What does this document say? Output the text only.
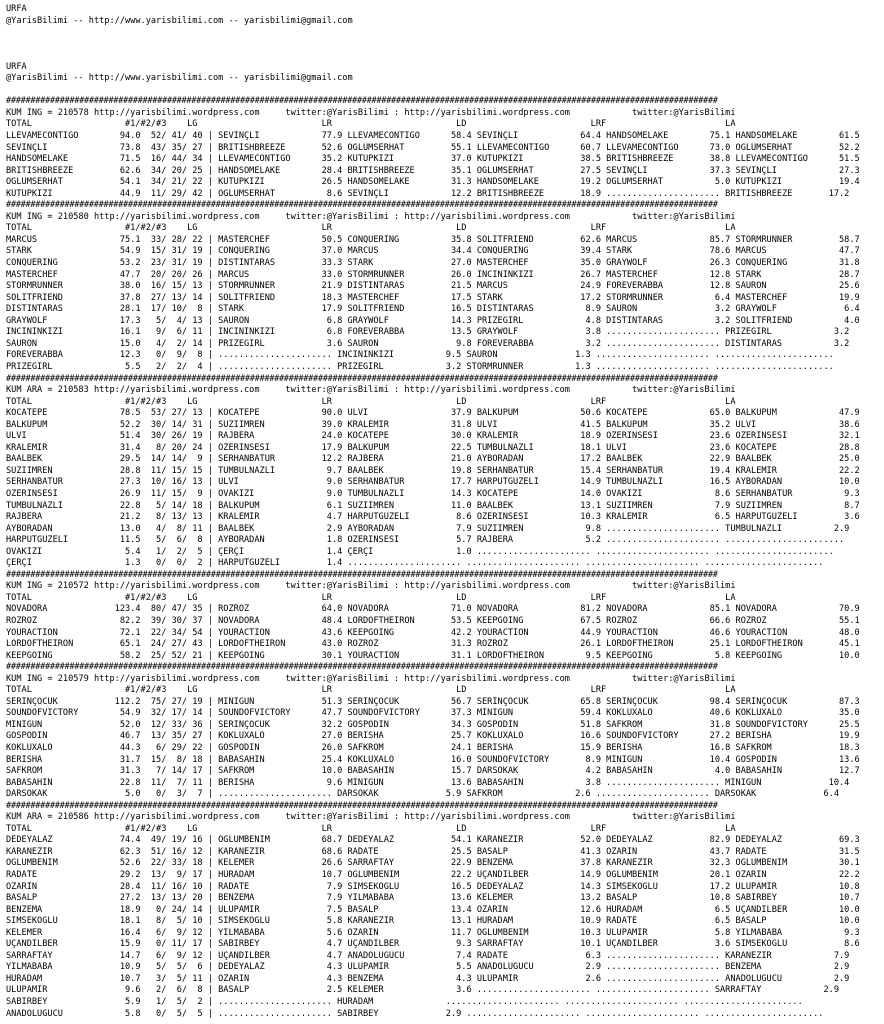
URFA
@YarisBilimi -- http://www.yarisbilimi.com -- yarisbilimi@gmail.com

URFA
@YarisBilimi -- http://www.yarisbilimi.com -- yarisbilimi@gmail.com

##################################################################################################################################################
KUM İNG = 210578 http://yarisbilimi.wordpress.com     twitter:@YarisBilimi : http://yarisbilimi.wordpress.com            twitter:@YarisBilimi
TOTAL                  #1/#2/#3    LG                        LR                        LD                        LRF                       LA
LLEVAMECONTIGO        94.0  52/ 41/ 40 | SEVİNÇLİ            77.9 LLEVAMECONTIGO      58.4 SEVİNÇLİ            64.4 HANDSOMELAKE        75.1 HANDSOMELAKE        61.5
SEVİNÇLİ              73.8  43/ 35/ 27 | BRITISHBREEZE       52.6 OGLUMSERHAT         55.1 LLEVAMECONTIGO      60.7 LLEVAMECONTIGO      73.0 OGLUMSERHAT         52.2
HANDSOMELAKE          71.5  16/ 44/ 34 | LLEVAMECONTIGO      35.2 KUTUPKIZI           37.0 KUTUPKIZI           38.5 BRITISHBREEZE       38.8 LLEVAMECONTIGO      51.5
BRITISHBREEZE         62.6  34/ 20/ 25 | HANDSOMELAKE        28.4 BRITISHBREEZE       35.1 OGLUMSERHAT         27.5 SEVİNÇLİ            37.3 SEVİNÇLİ            27.3
OGLUMSERHAT           54.1  34/ 21/ 22 | KUTUPKIZI           26.5 HANDSOMELAKE        31.3 HANDSOMELAKE        19.2 OGLUMSERHAT          5.0 KUTUPKIZI           19.4
KUTUPKIZI             44.9  11/ 29/ 42 | OGLUMSERHAT          8.6 SEVİNÇLİ            12.2 BRITISHBREEZE       18.9 ...................... BRITISHBREEZE       17.2
##################################################################################################################################################
KUM İNG = 210580 http://yarisbilimi.wordpress.com     twitter:@YarisBilimi : http://yarisbilimi.wordpress.com            twitter:@YarisBilimi
TOTAL                  #1/#2/#3    LG                        LR                        LD                        LRF                       LA
MARCUS                75.1  33/ 28/ 22 | MASTERCHEF          50.5 CONQUERING          35.8 SOLITFRIEND         62.6 MARCUS              85.7 STORMRUNNER         58.7
STARK                 54.9  15/ 31/ 19 | CONQUERING          37.0 MARCUS              34.4 CONQUERING          39.4 STARK               78.6 MARCUS              47.7
CONQUERING            53.2  23/ 31/ 19 | DISTINTARAS         33.3 STARK               27.0 MASTERCHEF          35.0 GRAYWOLF            26.3 CONQUERING          31.8
MASTERCHEF            47.7  20/ 20/ 26 | MARCUS              33.0 STORMRUNNER         26.0 INCININKIZI         26.7 MASTERCHEF          12.8 STARK               28.7
STORMRUNNER           38.0  16/ 15/ 13 | STORMRUNNER         21.9 DISTINTARAS         21.5 MARCUS              24.9 FOREVERABBA         12.8 SAURON              25.6
SOLITFRIEND           37.8  27/ 13/ 14 | SOLITFRIEND         18.3 MASTERCHEF          17.5 STARK               17.2 STORMRUNNER          6.4 MASTERCHEF          19.9
DISTINTARAS           28.1  17/ 10/  8 | STARK               17.9 SOLITFRIEND         16.5 DISTINTARAS          8.9 SAURON               3.2 GRAYWOLF             6.4
GRAYWOLF              17.3   5/  4/ 13 | SAURON               6.8 GRAYWOLF            14.3 PRIZEGIRL            4.8 DISTINTARAS          3.2 SOLITFRIEND          4.0
INCININKIZI           16.1   9/  6/ 11 | INCININKIZI          6.8 FOREVERABBA         13.5 GRAYWOLF             3.8 ...................... PRIZEGIRL            3.2
SAURON                15.0   4/  2/ 14 | PRIZEGIRL            3.6 SAURON               9.8 FOREVERABBA          3.2 ...................... DISTINTARAS          3.2
FOREVERABBA           12.3   0/  9/  8 | ...................... INCININKIZI          9.5 SAURON               1.3 ...................... .......................
PRIZEGIRL              5.5   2/  2/  4 | ...................... PRIZEGIRL            3.2 STORMRUNNER          1.3 ...................... .......................
##################################################################################################################################################
KUM ARA = 210583 http://yarisbilimi.wordpress.com     twitter:@YarisBilimi : http://yarisbilimi.wordpress.com            twitter:@YarisBilimi
TOTAL                  #1/#2/#3    LG                        LR                        LD                        LRF                       LA
KOCATEPE              78.5  53/ 27/ 13 | KOCATEPE            90.0 ULVI                37.9 BALKÜPÜM            50.6 KOCATEPE            65.0 BALKÜPÜM            47.9
BALKÜPÜM              52.2  30/ 14/ 31 | SUZIIMREN           39.0 KRALEMIR            31.8 ULVI                41.5 BALKÜPÜM            35.2 ULVI                38.6
ULVI                  51.4  30/ 26/ 19 | RAJBERA             24.0 KOCATEPE            30.0 KRALEMIR            18.9 ÖZERINSESI          23.6 ÖZERINSESI          32.1
KRALEMIR              31.4   8/ 20/ 24 | ÖZERINSESI          17.9 BALKÜPÜM            22.5 TUMBULNAZLI         18.1 ULVI                23.6 KOCATEPE            28.8
BAALBEK               29.5  14/ 14/  9 | SERHANBATUR         12.2 RAJBERA             21.0 AYBORADAN           17.2 BAALBEK             22.9 BAALBEK             25.0
SUZIIMREN             28.8  11/ 15/ 15 | TUMBULNAZLI          9.7 BAALBEK             19.8 SERHANBATUR         15.4 SERHANBATUR         19.4 KRALEMIR            22.2
SERHANBATUR           27.3  10/ 16/ 13 | ULVI                 9.0 SERHANBATUR         17.7 HARPUTGÜZELI        14.9 TUMBULNAZLI         16.5 AYBORADAN           10.0
ÖZERINSESI            26.9  11/ 15/  9 | OVAKIZI              9.0 TUMBULNAZLI         14.3 KOCATEPE            14.0 OVAKIZI              8.6 SERHANBATUR          9.3
TUMBULNAZLI           22.8   5/ 14/ 18 | BALKÜPÜM             6.1 SUZIIMREN           11.0 BAALBEK             13.1 SUZIIMREN            7.9 SUZIIMREN            8.7
RAJBERA               21.2   8/ 13/ 13 | KRALEMIR             4.7 HARPUTGÜZELI         8.6 ÖZERINSESI          10.3 KRALEMIR             6.5 HARPUTGÜZELI         3.6
AYBORADAN             13.0   4/  8/ 11 | BAALBEK              2.9 AYBORADAN            7.9 SUZIIMREN            9.8 ...................... TUMBULNAZLI          2.9
HARPUTGÜZELI          11.5   5/  6/  8 | AYBORADAN            1.8 ÖZERINSESI           5.7 RAJBERA              5.2 ...................... .......................
OVAKIZI                5.4   1/  2/  5 | ÇERÇI                1.4 ÇERÇI                1.0 ...................... ...................... .......................
ÇERÇI                  1.3   0/  0/  2 | HARPUTGÜZELI         1.4 ...................... ...................... ...................... .......................
##################################################################################################################################################
KUM İNG = 210572 http://yarisbilimi.wordpress.com     twitter:@YarisBilimi : http://yarisbilimi.wordpress.com            twitter:@YarisBilimi
TOTAL                  #1/#2/#3    LG                        LR                        LD                        LRF                       LA
NOVADORA             123.4  80/ 47/ 35 | ROZROZ              64.0 NOVADORA            71.0 NOVADORA            81.2 NOVADORA            85.1 NOVADORA            70.9
ROZROZ                82.2  39/ 30/ 37 | NOVADORA            48.4 LORDOFTHEIRON       53.5 KEEPGOING           67.5 ROZROZ              66.6 ROZROZ              55.1
YOURACTION            72.1  22/ 34/ 54 | YOURACTION          43.6 KEEPGOING           42.2 YOURACTION          44.9 YOURACTION          46.6 YOURACTION          48.0
LORDOFTHEIRON         65.1  24/ 27/ 43 | LORDOFTHEIRON       43.0 ROZROZ              31.3 ROZROZ              26.1 LORDOFTHEIRON       25.1 LORDOFTHEIRON       45.1
KEEPGOING             58.2  25/ 52/ 21 | KEEPGOING           30.1 YOURACTION          31.1 LORDOFTHEIRON        9.5 KEEPGOING            5.8 KEEPGOING           10.0
##################################################################################################################################################
KUM İNG = 210579 http://yarisbilimi.wordpress.com     twitter:@YarisBilimi : http://yarisbilimi.wordpress.com            twitter:@YarisBilimi
TOTAL                  #1/#2/#3    LG                        LR                        LD                        LRF                       LA
SERİNÇOCUK           112.2  75/ 27/ 19 | MINIGUN             51.3 SERİNÇOCUK          56.7 SERİNÇOCUK          65.8 SERİNÇOCUK          98.4 SERİNÇOCUK          87.3
SOUNDOFVICTORY        54.9  32/ 17/ 14 | SOUNDOFVICTORY      47.7 SOUNDOFVICTORY      37.3 MINIGUN             59.4 KÖKLÜXALO           40.6 KÖKLÜXALO           35.0
MINIGUN               52.0  12/ 33/ 36 | SERİNÇOCUK          32.2 GOSPODIN            34.3 GOSPODIN            51.8 SAFKROM             31.8 SOUNDOFVICTORY      25.5
GOSPODIN              46.7  13/ 35/ 27 | KÖKLÜXALO           27.0 BERISHA             25.7 KÖKLÜXALO           16.6 SOUNDOFVICTORY      27.2 BERISHA             19.9
KÖKLÜXALO             44.3   6/ 29/ 22 | GOSPODIN            26.0 SAFKROM             24.1 BERISHA             15.9 BERISHA             16.8 SAFKROM             18.3
BERISHA               31.7  15/  8/ 18 | BABASAHIN           25.4 KÖKLÜXALO           16.0 SOUNDOFVICTORY       8.9 MINIGUN             10.4 GOSPODIN            13.6
SAFKROM               31.3   7/ 14/ 17 | SAFKROM             10.0 BABASAHIN           15.7 DARSOKAK             4.2 BABASAHIN            4.0 BABASAHIN           12.7
BABASAHIN             22.8  11/  7/ 11 | BERISHA              9.6 MINIGUN             13.6 BABASAHIN            3.8 ...................... MINIGUN             10.4
DARSOKAK               5.0   0/  3/  7 | ...................... DARSOKAK             5.9 SAFKROM              2.6 ...................... DARSOKAK             6.4
##################################################################################################################################################
KUM ARA = 210586 http://yarisbilimi.wordpress.com     twitter:@YarisBilimi : http://yarisbilimi.wordpress.com            twitter:@YarisBilimi
TOTAL                  #1/#2/#3    LG                        LR                        LD                        LRF                       LA
DEDEYALAZ             74.4  49/ 19/ 16 | OGLUMBENIM          68.7 DEDEYALAZ           54.1 KARANEZIR           52.0 DEDEYALAZ           82.9 DEDEYALAZ           69.3
KARANEZIR             62.3  51/ 16/ 12 | KARANEZIR           68.6 RADATE              25.5 BASALP              41.3 ÖZARIN              43.7 RADATE              31.5
OGLUMBENIM            52.6  22/ 33/ 18 | KELEMER             26.6 SARRAFTAY           22.9 BENZEMA             37.8 KARANEZIR           32.3 OGLUMBENIM          30.1
RADATE                29.2  13/  9/ 17 | HÜRADAM             10.7 OGLUMBENIM          22.2 UÇANDILBER          14.9 OGLUMBENIM          20.1 ÖZARIN              22.2
ÖZARIN                28.4  11/ 16/ 10 | RADATE               7.9 SIMSEKOGLU          16.5 DEDEYALAZ           14.3 SIMSEKOGLU          17.2 ULUPAMIR            10.8
BASALP                27.2  13/ 13/ 20 | BENZEMA              7.9 YILMABABA           13.6 KELEMER             13.2 BASALP              10.8 SABIRBEY            10.7
BENZEMA               18.9   0/ 24/ 14 | ULUPAMIR             7.5 BASALP              13.4 ÖZARIN              12.6 HÜRADAM              6.5 UÇANDILBER          10.0
SIMSEKOGLU            18.1   8/  5/ 10 | SIMSEKOGLU           5.8 KARANEZIR           13.1 HÜRADAM             10.9 RADATE               6.5 BASALP              10.0
KELEMER               16.4   6/  9/ 12 | YILMABABA            5.6 ÖZARIN              11.7 OGLUMBENIM          10.3 ULUPAMIR             5.8 YILMABABA            9.3
UÇANDILBER            15.9   0/ 11/ 17 | SABIRBEY             4.7 UÇANDILBER           9.3 SARRAFTAY           10.1 UÇANDILBER           3.6 SIMSEKOGLU           8.6
SARRAFTAY             14.7   6/  9/ 12 | UÇANDILBER           4.7 ANADOLUGÜCÜ          7.4 RADATE               6.3 ...................... KARANEZIR            7.9
YILMABABA             10.9   5/  5/  6 | DEDEYALAZ            4.3 ULUPAMIR             5.5 ANADOLUGÜCÜ          2.9 ...................... BENZEMA              2.9
HÜRADAM               10.7   3/  5/ 11 | ÖZARIN               4.3 BENZEMA              4.3 ULUPAMIR             2.6 ...................... ANADOLUGÜCÜ          2.9
ULUPAMIR               9.6   2/  6/  8 | BASALP               2.5 KELEMER              3.6 ...................... ...................... SARRAFTAY            2.9
SABIRBEY               5.9   1/  5/  2 | ...................... HÜRADAM              ...................... ...................... .......................
ANADOLUGÜCÜ            5.8   0/  5/  5 | ...................... SABIRBEY             2.9 ...................... ...................... .......................
